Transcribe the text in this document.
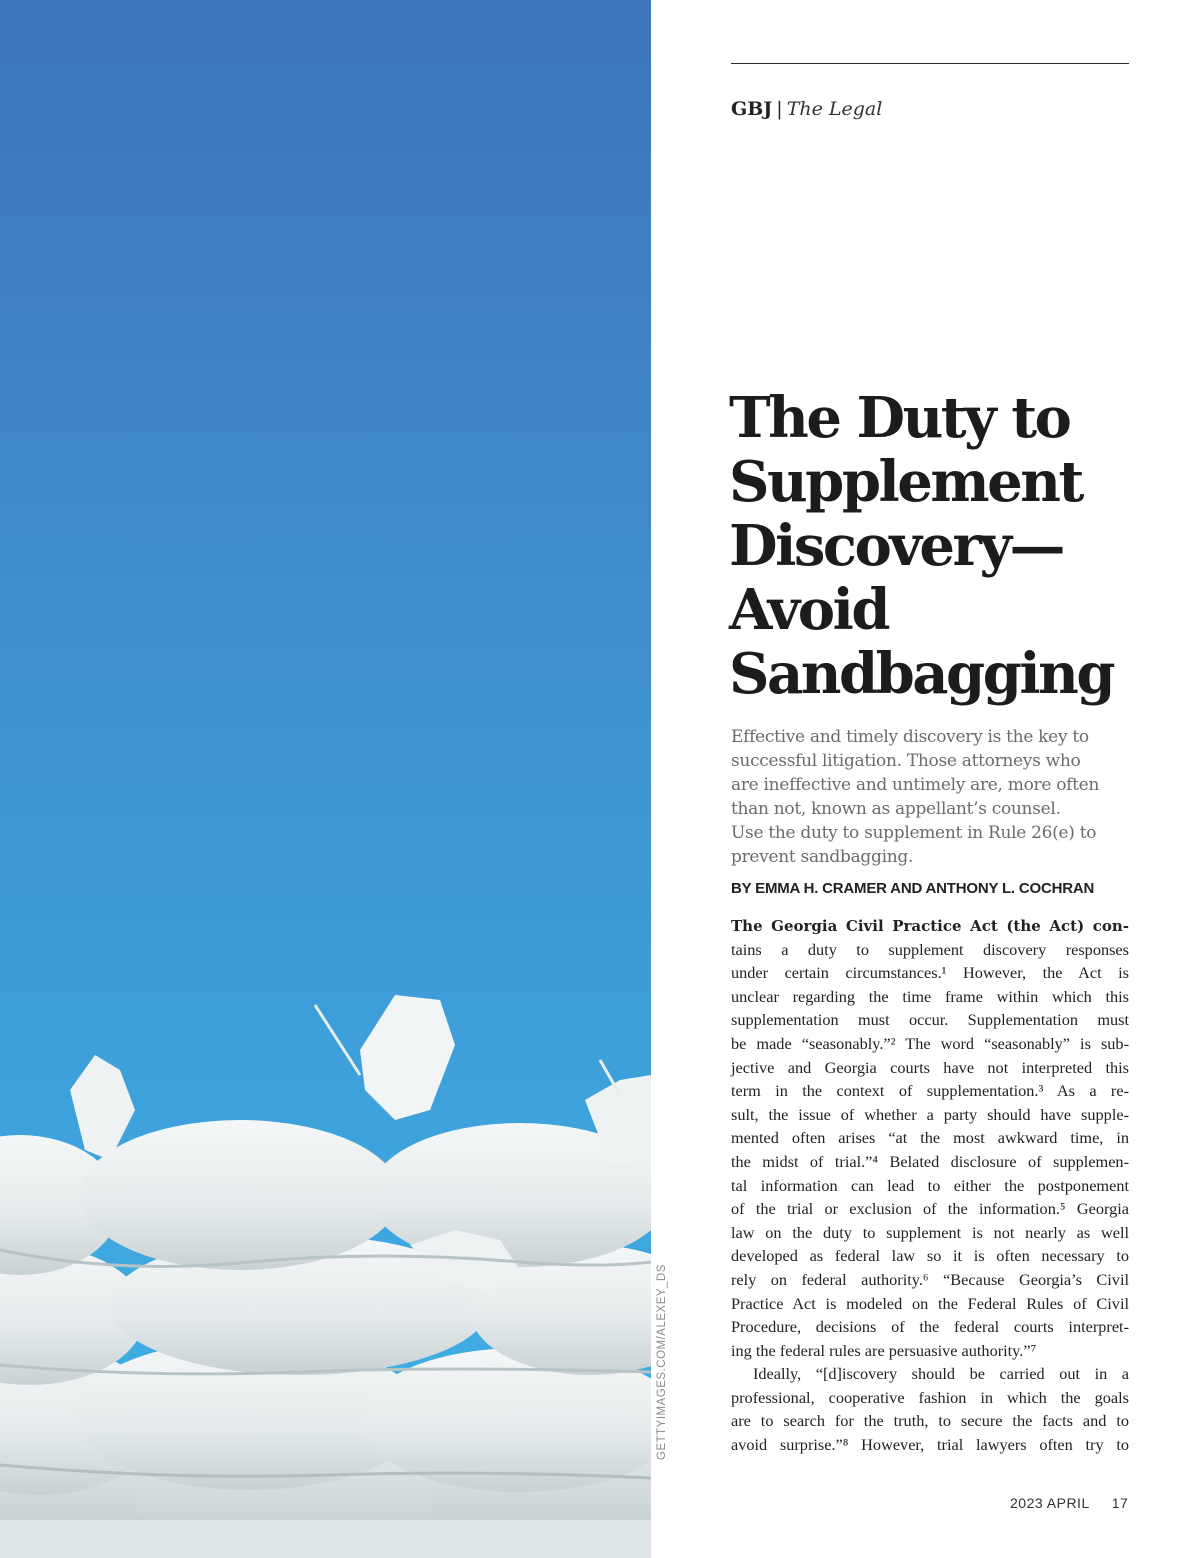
GETTYIMAGES.COM/ALEXEY_DS
GBJ | The Legal
The Duty to
Supplement
Discovery—
Avoid
Sandbagging

Effective and timely discovery is the key to
successful litigation. Those attorneys who
are ineffective and untimely are, more often
than not, known as appellant’s counsel.
Use the duty to supplement in Rule 26(e) to
prevent sandbagging.

BY EMMA H. CRAMER AND ANTHONY L. COCHRAN
The Georgia Civil Practice Act (the Act) con-
tains a duty to supplement discovery responses
under certain circumstances.¹ However, the Act is
unclear regarding the time frame within which this
supplementation must occur. Supplementation must
be made “seasonably.”² The word “seasonably” is sub-
jective and Georgia courts have not interpreted this
term in the context of supplementation.³ As a re-
sult, the issue of whether a party should have supple-
mented often arises “at the most awkward time, in
the midst of trial.”⁴ Belated disclosure of supplemen-
tal information can lead to either the postponement
of the trial or exclusion of the information.⁵ Georgia
law on the duty to supplement is not nearly as well
developed as federal law so it is often necessary to
rely on federal authority.⁶ “Because Georgia’s Civil
Practice Act is modeled on the Federal Rules of Civil
Procedure, decisions of the federal courts interpret-
ing the federal rules are persuasive authority.”⁷
Ideally, “[d]iscovery should be carried out in a
professional, cooperative fashion in which the goals
are to search for the truth, to secure the facts and to
avoid surprise.”⁸ However, trial lawyers often try to
2023 APRIL 17
